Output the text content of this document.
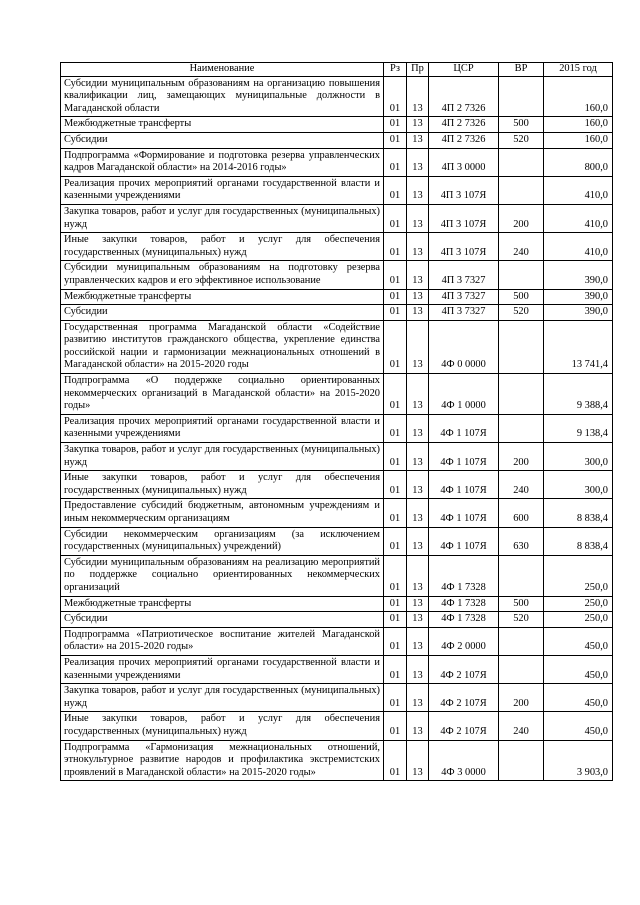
Наименование	Рз	Пр	ЦСР	ВР	2015 год
Субсидии муниципальным образованиям на организацию повышения квалификации лиц, замещающих муниципальные должности в Магаданской области	01	13	4П 2 7326		160,0
Межбюджетные трансферты	01	13	4П 2 7326	500	160,0
Субсидии	01	13	4П 2 7326	520	160,0
Подпрограмма «Формирование и подготовка резерва управленческих кадров Магаданской области» на 2014-2016 годы»	01	13	4П 3 0000		800,0
Реализация прочих мероприятий органами государственной власти и казенными учреждениями	01	13	4П 3 107Я		410,0
Закупка товаров, работ и услуг для государственных (муниципальных) нужд	01	13	4П 3 107Я	200	410,0
Иные закупки товаров, работ и услуг для обеспечения государственных (муниципальных) нужд	01	13	4П 3 107Я	240	410,0
Субсидии муниципальным образованиям на подготовку резерва управленческих кадров и его эффективное использование	01	13	4П 3 7327		390,0
Межбюджетные трансферты	01	13	4П 3 7327	500	390,0
Субсидии	01	13	4П 3 7327	520	390,0
Государственная программа Магаданской области «Содействие развитию институтов гражданского общества, укрепление единства российской нации и гармонизации межнациональных отношений в Магаданской области» на 2015-2020 годы	01	13	4Ф 0 0000		13 741,4
Подпрограмма «О поддержке социально ориентированных некоммерческих организаций в Магаданской области» на 2015-2020 годы»	01	13	4Ф 1 0000		9 388,4
Реализация прочих мероприятий органами государственной власти и казенными учреждениями	01	13	4Ф 1 107Я		9 138,4
Закупка товаров, работ и услуг для государственных (муниципальных) нужд	01	13	4Ф 1 107Я	200	300,0
Иные закупки товаров, работ и услуг для обеспечения государственных (муниципальных) нужд	01	13	4Ф 1 107Я	240	300,0
Предоставление субсидий бюджетным, автономным учреждениям и иным некоммерческим организациям	01	13	4Ф 1 107Я	600	8 838,4
Субсидии некоммерческим организациям (за исключением государственных (муниципальных) учреждений)	01	13	4Ф 1 107Я	630	8 838,4
Субсидии муниципальным образованиям на реализацию мероприятий по поддержке социально ориентированных некоммерческих организаций	01	13	4Ф 1 7328		250,0
Межбюджетные трансферты	01	13	4Ф 1 7328	500	250,0
Субсидии	01	13	4Ф 1 7328	520	250,0
Подпрограмма «Патриотическое воспитание жителей Магаданской области» на 2015-2020 годы»	01	13	4Ф 2 0000		450,0
Реализация прочих мероприятий органами государственной власти и казенными учреждениями	01	13	4Ф 2 107Я		450,0
Закупка товаров, работ и услуг для государственных (муниципальных) нужд	01	13	4Ф 2 107Я	200	450,0
Иные закупки товаров, работ и услуг для обеспечения государственных (муниципальных) нужд	01	13	4Ф 2 107Я	240	450,0
Подпрограмма «Гармонизация межнациональных отношений, этнокультурное развитие народов и профилактика экстремистских проявлений в Магаданской области» на 2015-2020 годы»	01	13	4Ф 3 0000		3 903,0
